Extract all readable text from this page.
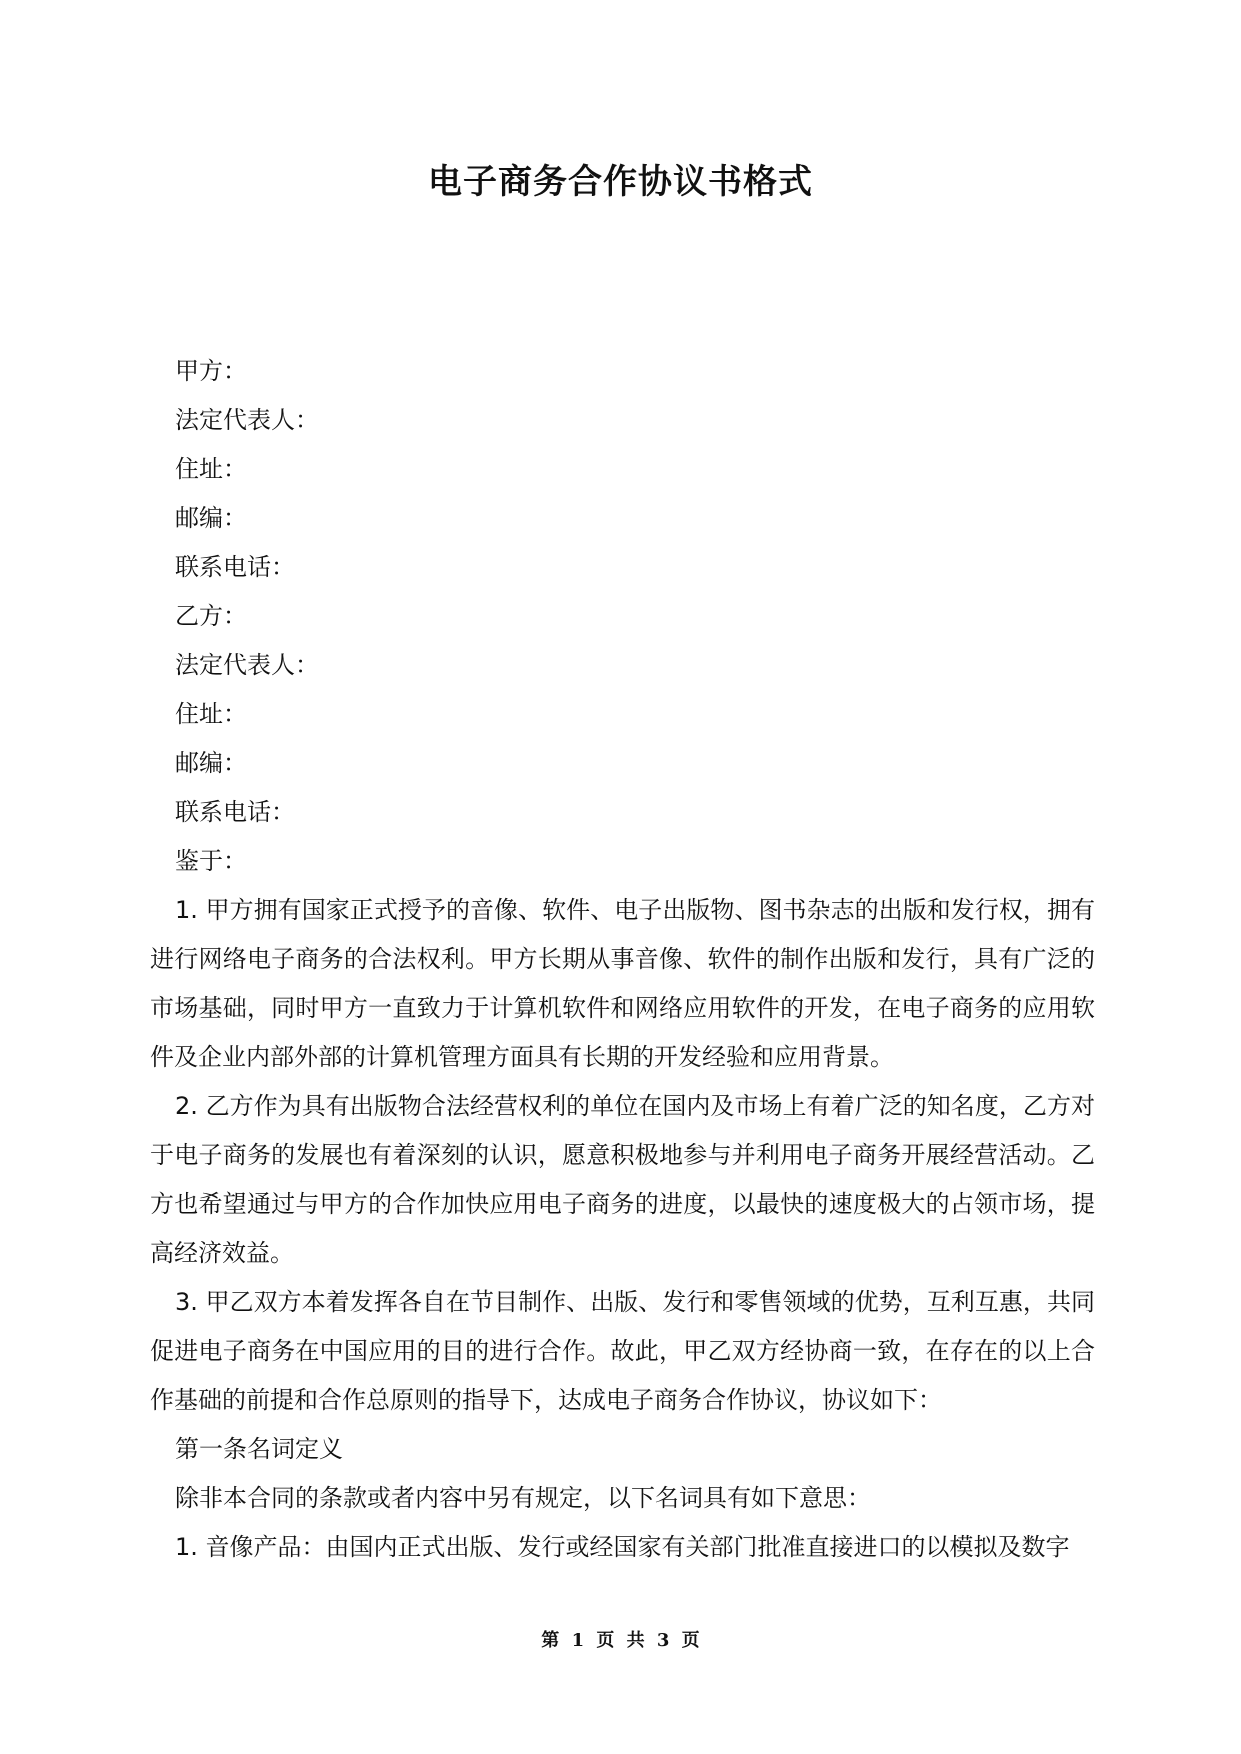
电子商务合作协议书格式

甲方：

法定代表人：

住址：

邮编：

联系电话：

乙方：

法定代表人：

住址：

邮编：

联系电话：

鉴于：

1. 甲方拥有国家正式授予的音像、软件、电子出版物、图书杂志的出版和发行权，拥有进行网络电子商务的合法权利。甲方长期从事音像、软件的制作出版和发行，具有广泛的市场基础，同时甲方一直致力于计算机软件和网络应用软件的开发，在电子商务的应用软件及企业内部外部的计算机管理方面具有长期的开发经验和应用背景。

2. 乙方作为具有出版物合法经营权利的单位在国内及市场上有着广泛的知名度，乙方对于电子商务的发展也有着深刻的认识，愿意积极地参与并利用电子商务开展经营活动。乙方也希望通过与甲方的合作加快应用电子商务的进度，以最快的速度极大的占领市场，提高经济效益。

3. 甲乙双方本着发挥各自在节目制作、出版、发行和零售领域的优势，互利互惠，共同促进电子商务在中国应用的目的进行合作。故此，甲乙双方经协商一致，在存在的以上合作基础的前提和合作总原则的指导下，达成电子商务合作协议，协议如下：

第一条名词定义

除非本合同的条款或者内容中另有规定，以下名词具有如下意思：

1. 音像产品：由国内正式出版、发行或经国家有关部门批准直接进口的以模拟及数字

第 1 页 共 3 页
